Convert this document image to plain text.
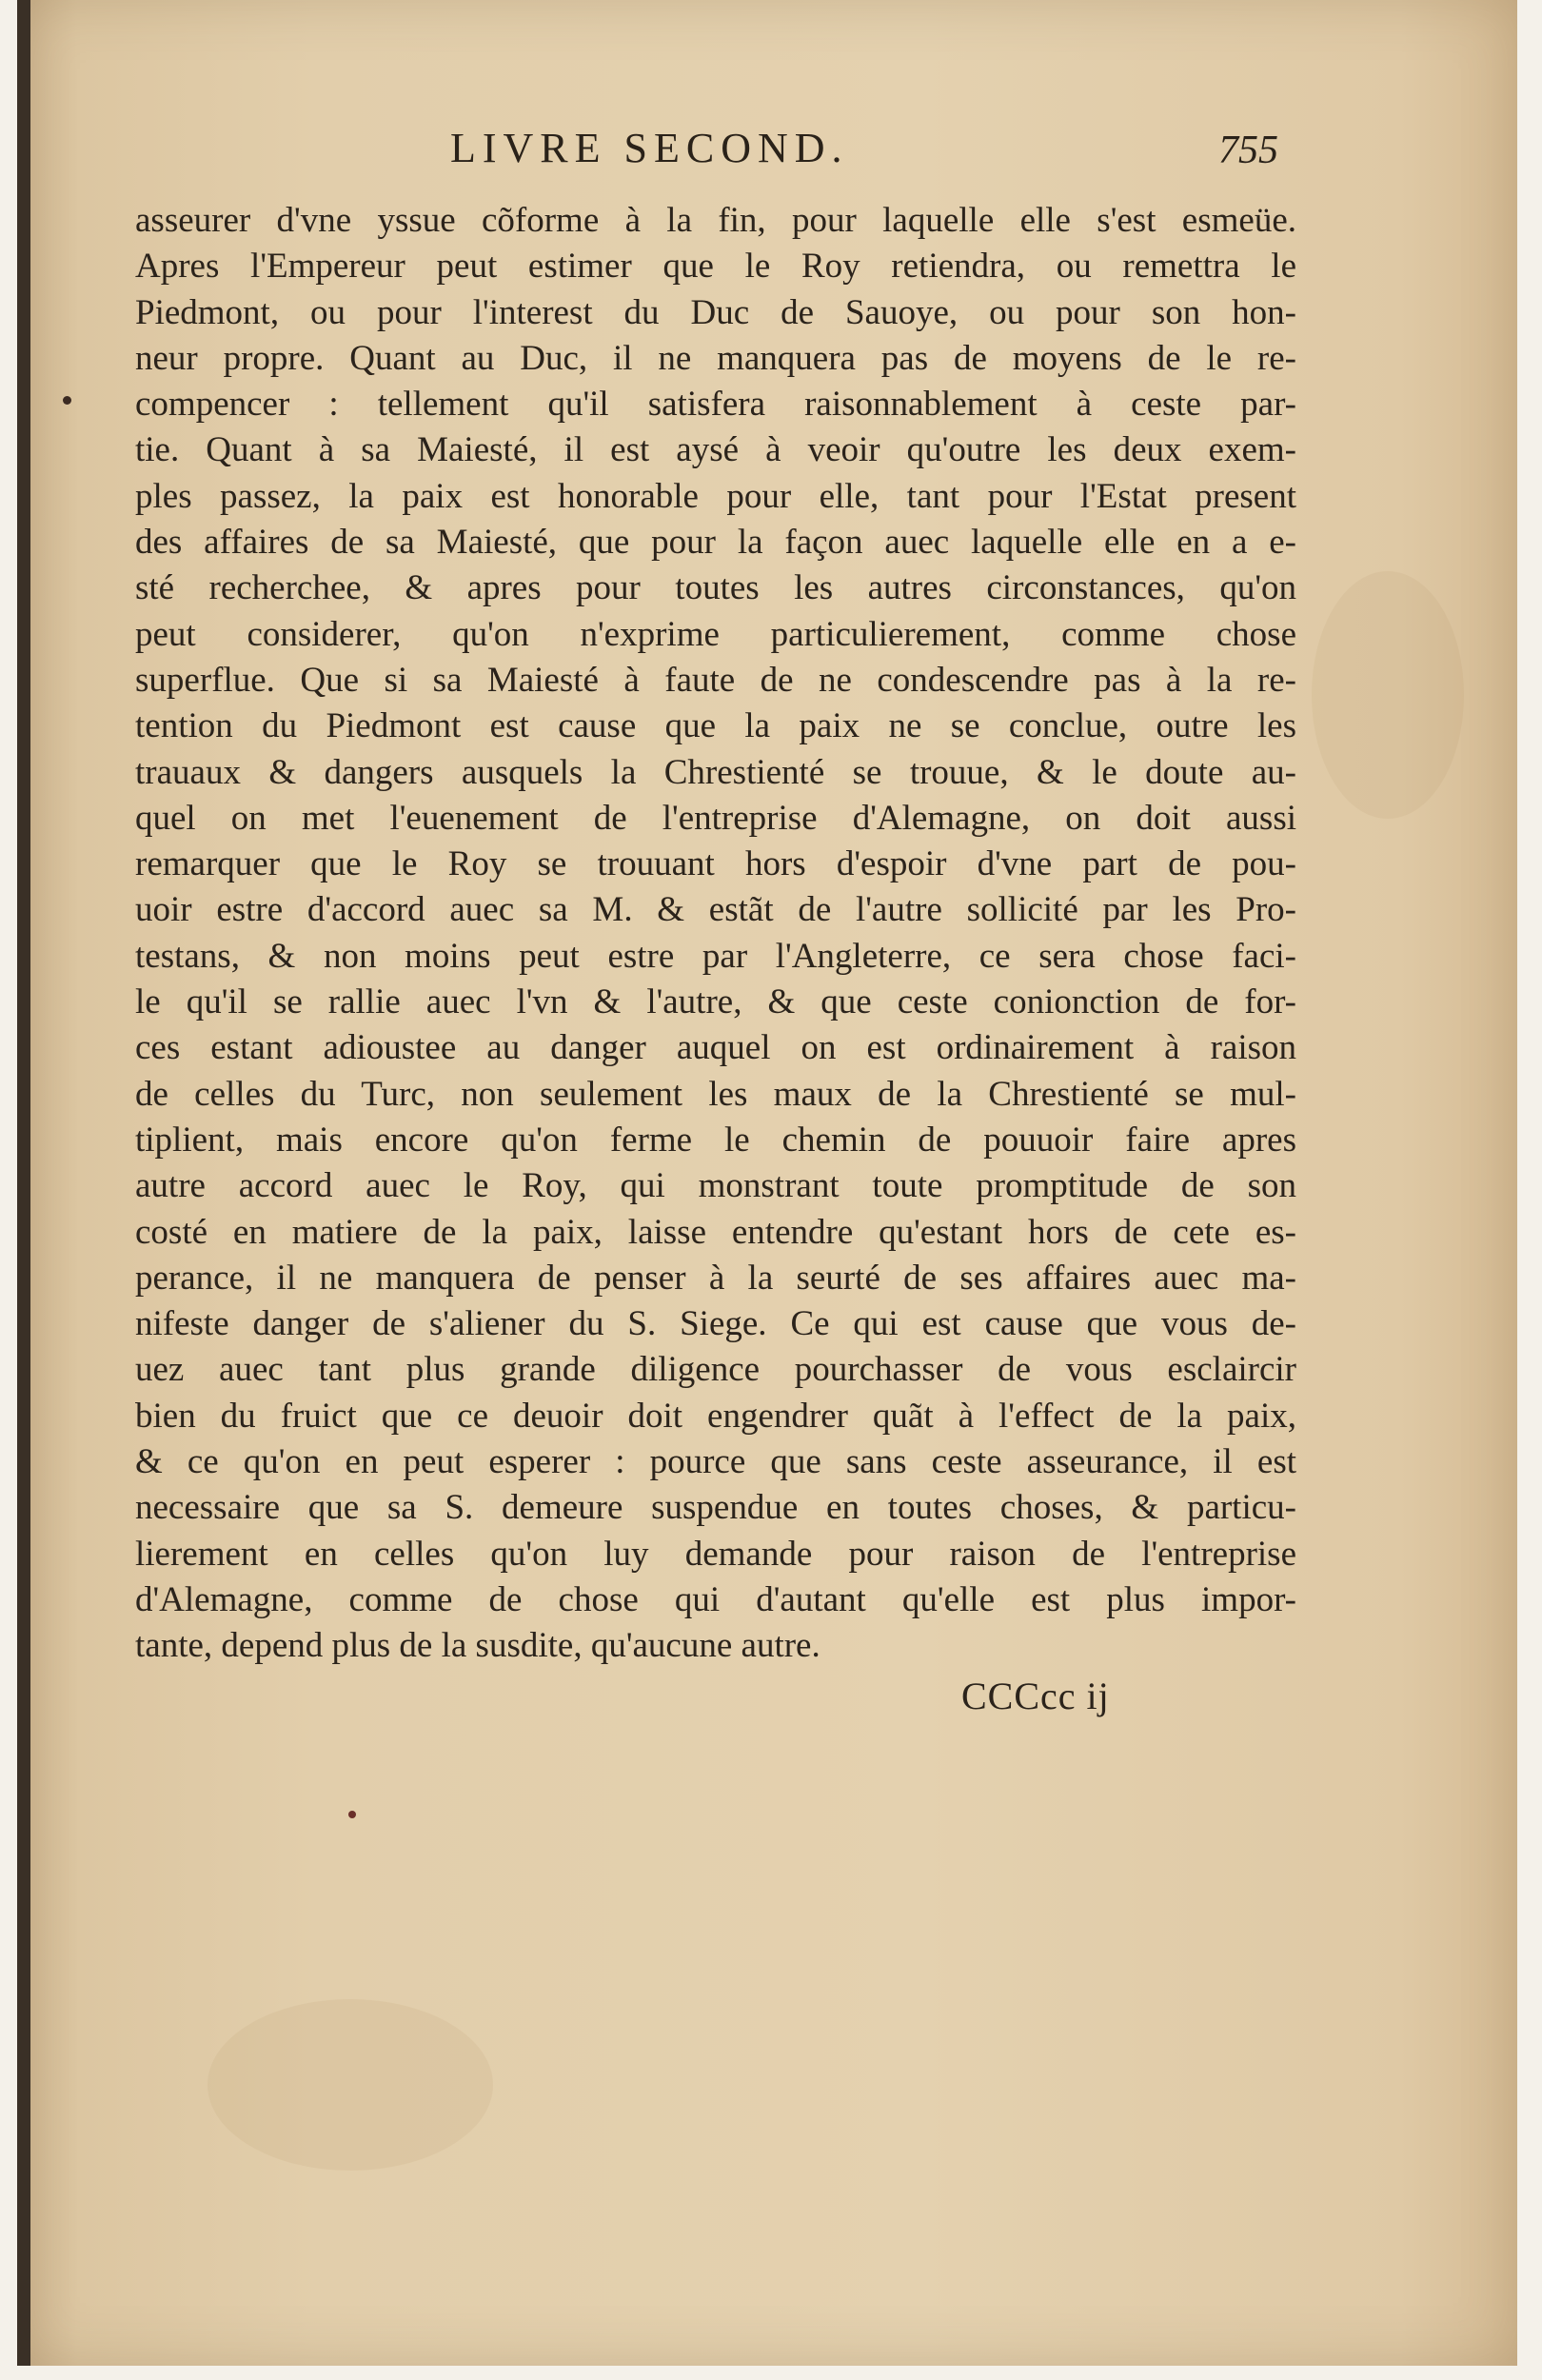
LIVRE SECOND.	755
asseurer d'vne yssue cõforme à la fin, pour laquelle elle s'est esmeüe.
Apres l'Empereur peut estimer que le Roy retiendra, ou remettra le
Piedmont, ou pour l'interest du Duc de Sauoye, ou pour son hon-
neur propre. Quant au Duc, il ne manquera pas de moyens de le re-
compencer : tellement qu'il satisfera raisonnablement à ceste par-
tie. Quant à sa Maiesté, il est aysé à veoir qu'outre les deux exem-
ples passez, la paix est honorable pour elle, tant pour l'Estat present
des affaires de sa Maiesté, que pour la façon auec laquelle elle en a e-
sté recherchee, & apres pour toutes les autres circonstances, qu'on
peut considerer, qu'on n'exprime particulierement, comme chose
superflue. Que si sa Maiesté à faute de ne condescendre pas à la re-
tention du Piedmont est cause que la paix ne se conclue, outre les
trauaux & dangers ausquels la Chrestienté se trouue, & le doute au-
quel on met l'euenement de l'entreprise d'Alemagne, on doit aussi
remarquer que le Roy se trouuant hors d'espoir d'vne part de pou-
uoir estre d'accord auec sa M. & estãt de l'autre sollicité par les Pro-
testans, & non moins peut estre par l'Angleterre, ce sera chose faci-
le qu'il se rallie auec l'vn & l'autre, & que ceste conionction de for-
ces estant adioustee au danger auquel on est ordinairement à raison
de celles du Turc, non seulement les maux de la Chrestienté se mul-
tiplient, mais encore qu'on ferme le chemin de pouuoir faire apres
autre accord auec le Roy, qui monstrant toute promptitude de son
costé en matiere de la paix, laisse entendre qu'estant hors de cete es-
perance, il ne manquera de penser à la seurté de ses affaires auec ma-
nifeste danger de s'aliener du S. Siege. Ce qui est cause que vous de-
uez auec tant plus grande diligence pourchasser de vous esclaircir
bien du fruict que ce deuoir doit engendrer quãt à l'effect de la paix,
& ce qu'on en peut esperer : pource que sans ceste asseurance, il est
necessaire que sa S. demeure suspendue en toutes choses, & particu-
lierement en celles qu'on luy demande pour raison de l'entreprise
d'Alemagne, comme de chose qui d'autant qu'elle est plus impor-
tante, depend plus de la susdite, qu'aucune autre.
CCCcc ij
